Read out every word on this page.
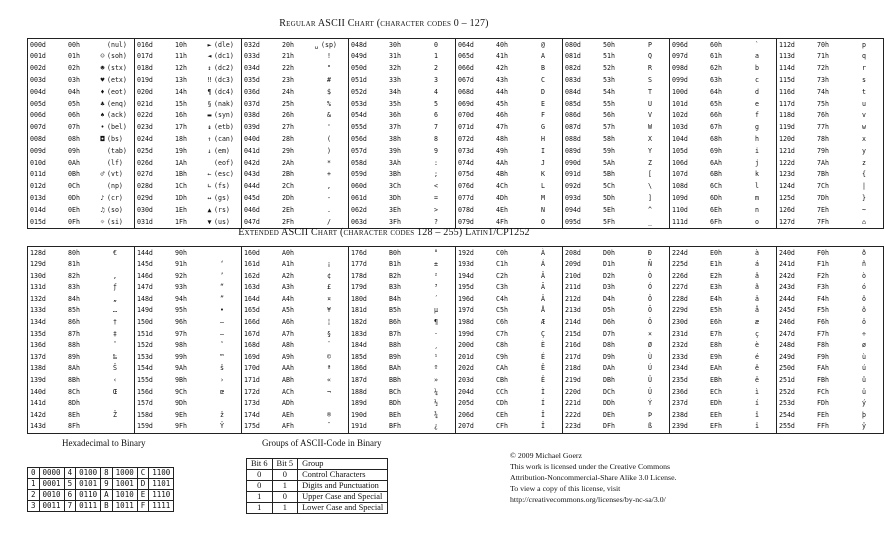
Regular ASCII Chart (character codes 0 – 127)
000d	00h	(nul)	016d	10h	► (dle)	032d	20h	␣ (sp)	048d	30h	0	064d	40h	@	080d	50h	P	096d	60h	`	112d	70h	p
001d	01h	☺ (soh)	017d	11h	◄ (dc1)	033d	21h	!	049d	31h	1	065d	41h	A	081d	51h	Q	097d	61h	a	113d	71h	q
002d	02h	☻ (stx)	018d	12h	↕ (dc2)	034d	22h	"	050d	32h	2	066d	42h	B	082d	52h	R	098d	62h	b	114d	72h	r
003d	03h	♥ (etx)	019d	13h	‼ (dc3)	035d	23h	#	051d	33h	3	067d	43h	C	083d	53h	S	099d	63h	c	115d	73h	s
004d	04h	♦ (eot)	020d	14h	¶ (dc4)	036d	24h	$	052d	34h	4	068d	44h	D	084d	54h	T	100d	64h	d	116d	74h	t
005d	05h	♣ (enq)	021d	15h	§ (nak)	037d	25h	%	053d	35h	5	069d	45h	E	085d	55h	U	101d	65h	e	117d	75h	u
006d	06h	♠ (ack)	022d	16h	▬ (syn)	038d	26h	&	054d	36h	6	070d	46h	F	086d	56h	V	102d	66h	f	118d	76h	v
007d	07h	• (bel)	023d	17h	↨ (etb)	039d	27h	'	055d	37h	7	071d	47h	G	087d	57h	W	103d	67h	g	119d	77h	w
008d	08h	◘ (bs)	024d	18h	↑ (can)	040d	28h	(	056d	38h	8	072d	48h	H	088d	58h	X	104d	68h	h	120d	78h	x
009d	09h	(tab)	025d	19h	↓ (em)	041d	29h	)	057d	39h	9	073d	49h	I	089d	59h	Y	105d	69h	i	121d	79h	y
010d	0Ah	(lf)	026d	1Ah	(eof)	042d	2Ah	*	058d	3Ah	:	074d	4Ah	J	090d	5Ah	Z	106d	6Ah	j	122d	7Ah	z
011d	0Bh	♂ (vt)	027d	1Bh	← (esc)	043d	2Bh	+	059d	3Bh	;	075d	4Bh	K	091d	5Bh	[	107d	6Bh	k	123d	7Bh	{
012d	0Ch	(np)	028d	1Ch	∟ (fs)	044d	2Ch	,	060d	3Ch	<	076d	4Ch	L	092d	5Ch	\	108d	6Ch	l	124d	7Ch	|
013d	0Dh	♪ (cr)	029d	1Dh	↔ (gs)	045d	2Dh	-	061d	3Dh	=	077d	4Dh	M	093d	5Dh	]	109d	6Dh	m	125d	7Dh	}
014d	0Eh	♫ (so)	030d	1Eh	▲ (rs)	046d	2Eh	.	062d	3Eh	>	078d	4Eh	N	094d	5Eh	^	110d	6Eh	n	126d	7Eh	~
015d	0Fh	☼ (si)	031d	1Fh	▼ (us)	047d	2Fh	/	063d	3Fh	?	079d	4Fh	O	095d	5Fh	_	111d	6Fh	o	127d	7Fh	⌂
Extended ASCII Chart (character codes 128 – 255) Latin1/CP1252
128d	80h	€	144d	90h		160d	A0h		176d	B0h	°	192d	C0h	À	208d	D0h	Ð	224d	E0h	à	240d	F0h	ð
129d	81h		145d	91h	‘	161d	A1h	¡	177d	B1h	±	193d	C1h	Á	209d	D1h	Ñ	225d	E1h	á	241d	F1h	ñ
130d	82h	‚	146d	92h	’	162d	A2h	¢	178d	B2h	²	194d	C2h	Â	210d	D2h	Ò	226d	E2h	â	242d	F2h	ò
131d	83h	ƒ	147d	93h	“	163d	A3h	£	179d	B3h	³	195d	C3h	Ã	211d	D3h	Ó	227d	E3h	ã	243d	F3h	ó
132d	84h	„	148d	94h	”	164d	A4h	¤	180d	B4h	´	196d	C4h	Ä	212d	D4h	Ô	228d	E4h	ä	244d	F4h	ô
133d	85h	…	149d	95h	•	165d	A5h	¥	181d	B5h	µ	197d	C5h	Å	213d	D5h	Õ	229d	E5h	å	245d	F5h	õ
134d	86h	†	150d	96h	–	166d	A6h	¦	182d	B6h	¶	198d	C6h	Æ	214d	D6h	Ö	230d	E6h	æ	246d	F6h	ö
135d	87h	‡	151d	97h	—	167d	A7h	§	183d	B7h	·	199d	C7h	Ç	215d	D7h	×	231d	E7h	ç	247d	F7h	÷
136d	88h	ˆ	152d	98h	˜	168d	A8h	¨	184d	B8h	¸	200d	C8h	È	216d	D8h	Ø	232d	E8h	è	248d	F8h	ø
137d	89h	‰	153d	99h	™	169d	A9h	©	185d	B9h	¹	201d	C9h	É	217d	D9h	Ù	233d	E9h	é	249d	F9h	ù
138d	8Ah	Š	154d	9Ah	š	170d	AAh	ª	186d	BAh	º	202d	CAh	Ê	218d	DAh	Ú	234d	EAh	ê	250d	FAh	ú
139d	8Bh	‹	155d	9Bh	›	171d	ABh	«	187d	BBh	»	203d	CBh	Ë	219d	DBh	Û	235d	EBh	ë	251d	FBh	û
140d	8Ch	Œ	156d	9Ch	œ	172d	ACh	¬	188d	BCh	¼	204d	CCh	Ì	220d	DCh	Ü	236d	ECh	ì	252d	FCh	ü
141d	8Dh		157d	9Dh		173d	ADh		189d	BDh	½	205d	CDh	Í	221d	DDh	Ý	237d	EDh	í	253d	FDh	ý
142d	8Eh	Ž	158d	9Eh	ž	174d	AEh	®	190d	BEh	¾	206d	CEh	Î	222d	DEh	Þ	238d	EEh	î	254d	FEh	þ
143d	8Fh		159d	9Fh	Ÿ	175d	AFh	¯	191d	BFh	¿	207d	CFh	Ï	223d	DFh	ß	239d	EFh	ï	255d	FFh	ÿ
Hexadecimal to Binary
0	0000	4	0100	8	1000	C	1100
1	0001	5	0101	9	1001	D	1101
2	0010	6	0110	A	1010	E	1110
3	0011	7	0111	B	1011	F	1111
Groups of ASCII-Code in Binary
Bit 6	Bit 5	Group
0	0	Control Characters
0	1	Digits and Punctuation
1	0	Upper Case and Special
1	1	Lower Case and Special
© 2009 Michael Goerz
This work is licensed under the Creative Commons
Attribution-Noncommercial-Share Alike 3.0 License.
To view a copy of this license, visit
http://creativecommons.org/licenses/by-nc-sa/3.0/
